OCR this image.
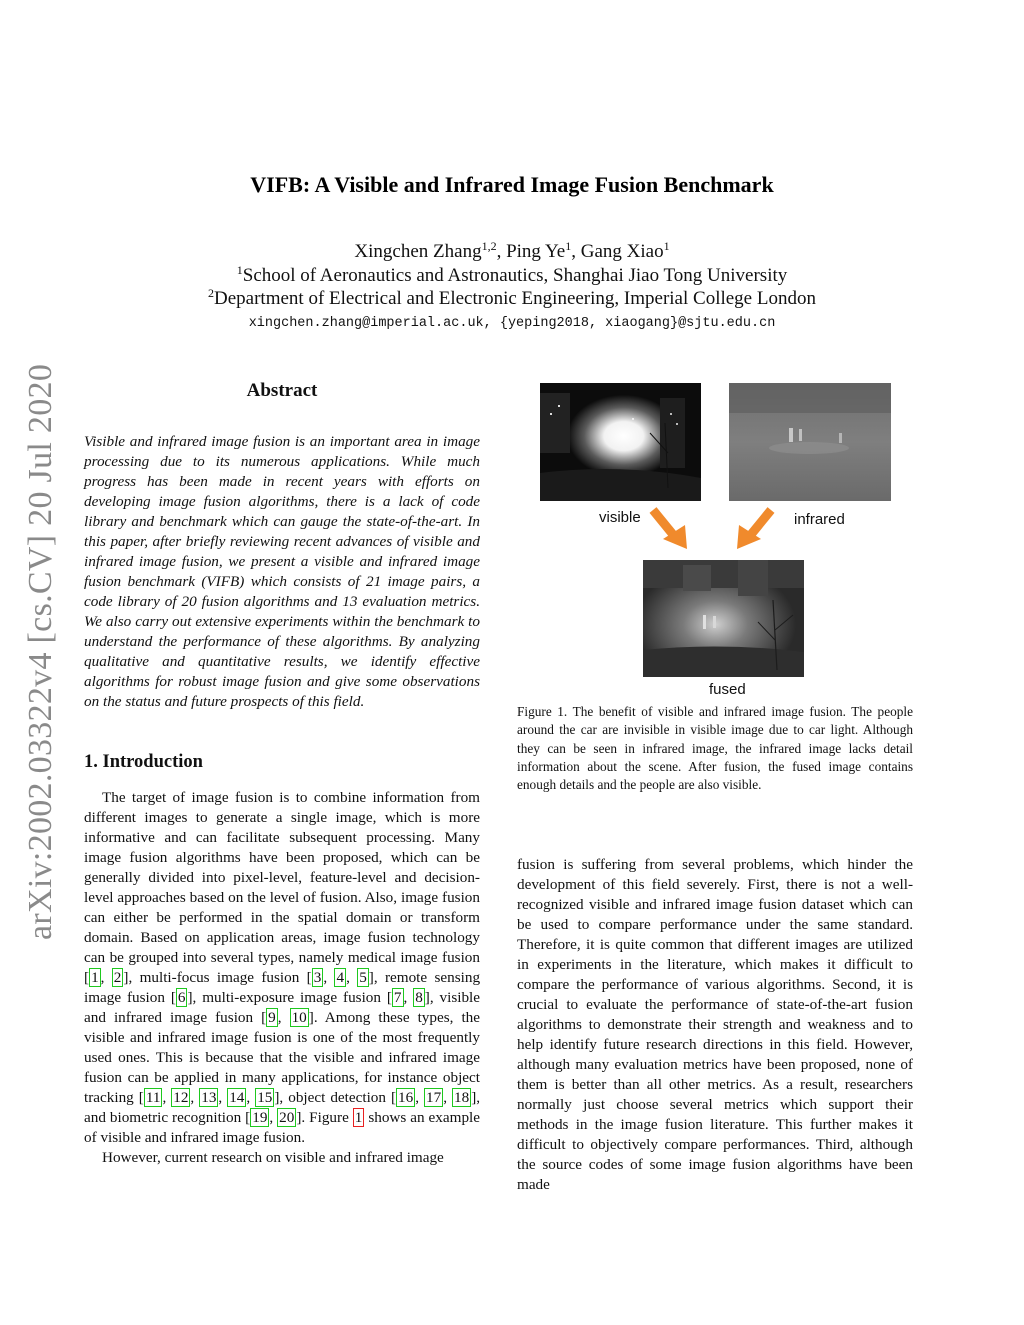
arXiv:2002.03322v4 [cs.CV] 20 Jul 2020
VIFB: A Visible and Infrared Image Fusion Benchmark
Xingchen Zhang$^{1,2}$, Ping Ye$^1$, Gang Xiao$^1$
$^1$School of Aeronautics and Astronautics, Shanghai Jiao Tong University
$^2$Department of Electrical and Electronic Engineering, Imperial College London
xingchen.zhang@imperial.ac.uk, {yeping2018, xiaogang}@sjtu.edu.cn
Abstract

Visible and infrared image fusion is an important area in image processing due to its numerous applications. While much progress has been made in recent years with efforts on developing image fusion algorithms, there is a lack of code library and benchmark which can gauge the state-of-the-art. In this paper, after briefly reviewing recent advances of visible and infrared image fusion, we present a visible and infrared image fusion benchmark (VIFB) which consists of 21 image pairs, a code library of 20 fusion algorithms and 13 evaluation metrics. We also carry out extensive experiments within the benchmark to understand the performance of these algorithms. By analyzing qualitative and quantitative results, we identify effective algorithms for robust image fusion and give some observations on the status and future prospects of this field.

1. Introduction

The target of image fusion is to combine information from different images to generate a single image, which is more informative and can facilitate subsequent processing. Many image fusion algorithms have been proposed, which can be generally divided into pixel-level, feature-level and decision-level approaches based on the level of fusion. Also, image fusion can either be performed in the spatial domain or transform domain. Based on application areas, image fusion technology can be grouped into several types, namely medical image fusion [ 1 , 2 ], multi-focus image fusion [ 3 , 4 , 5 ], remote sensing image fusion [ 6 ], multi-exposure image fusion [ 7 , 8 ], visible and infrared image fusion [ 9 , 10 ]. Among these types, the visible and infrared image fusion is one of the most frequently used ones. This is because that the visible and infrared image fusion can be applied in many applications, for instance object tracking [ 11 , 12 , 13 , 14 , 15 ], object detection [ 16 , 17 , 18 ], and biometric recognition [ 19 , 20 ]. Figure 1 shows an example of visible and infrared image fusion.

However, current research on visible and infrared image

visible	infrared
fused

Figure 1. The benefit of visible and infrared image fusion. The people around the car are invisible in visible image due to car light. Although they can be seen in infrared image, the infrared image lacks detail information about the scene. After fusion, the fused image contains enough details and the people are also visible.

fusion is suffering from several problems, which hinder the development of this field severely. First, there is not a well-recognized visible and infrared image fusion dataset which can be used to compare performance under the same standard. Therefore, it is quite common that different images are utilized in experiments in the literature, which makes it difficult to compare the performance of various algorithms. Second, it is crucial to evaluate the performance of state-of-the-art fusion algorithms to demonstrate their strength and weakness and to help identify future research directions in this field. However, although many evaluation metrics have been proposed, none of them is better than all other metrics. As a result, researchers normally just choose several metrics which support their methods in the image fusion literature. This further makes it difficult to objectively compare performances. Third, although the source codes of some image fusion algorithms have been made
